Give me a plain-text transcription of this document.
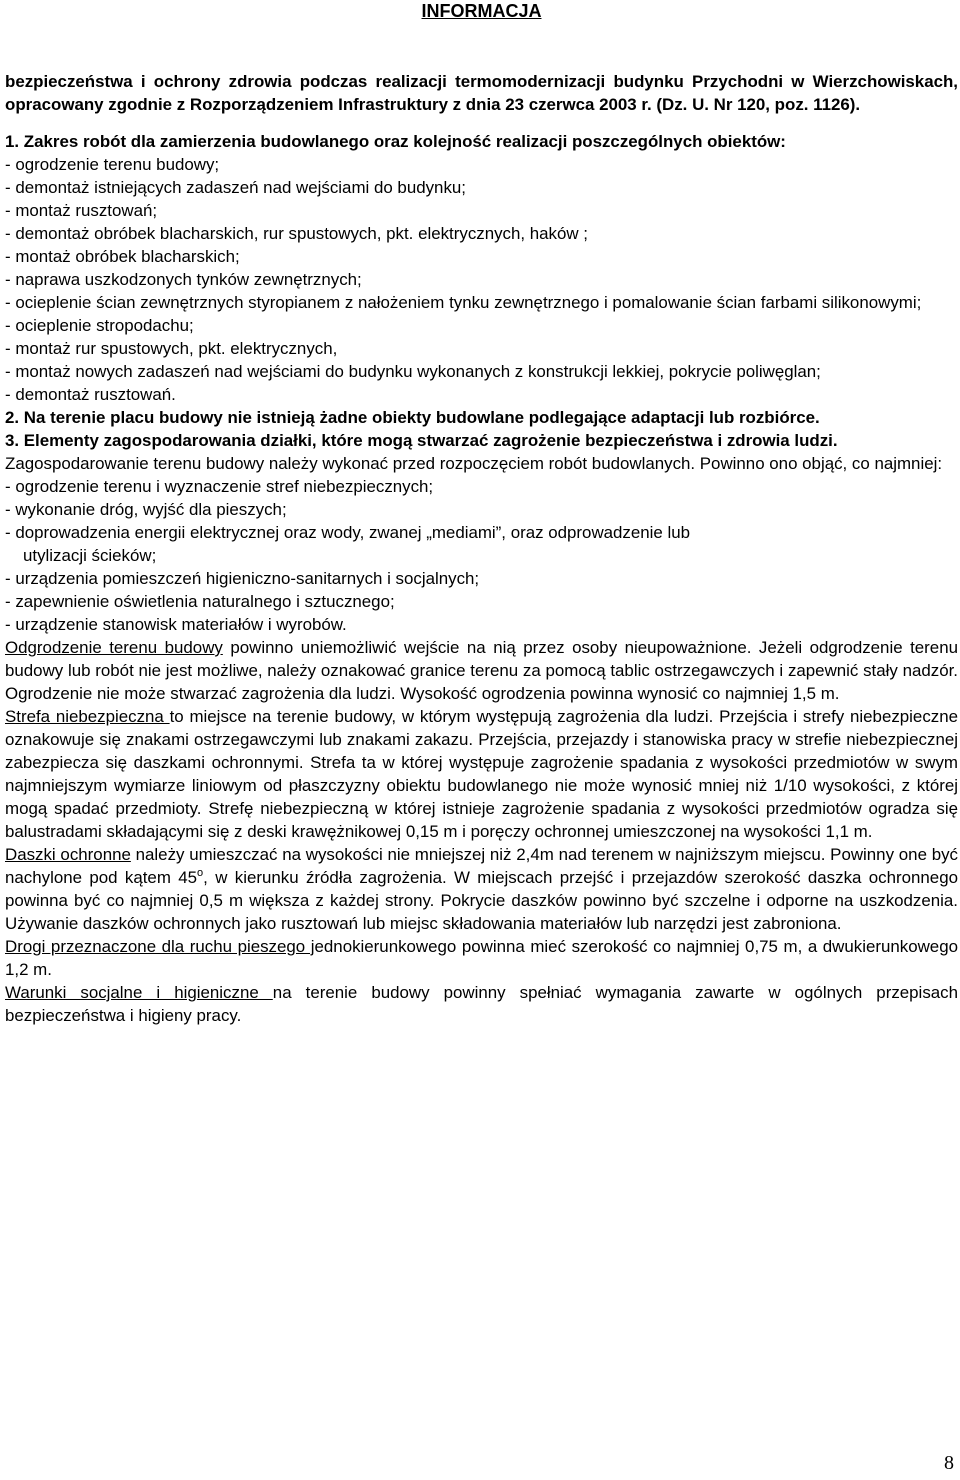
INFORMACJA

bezpieczeństwa i ochrony zdrowia podczas realizacji termomodernizacji budynku Przychodni w Wierzchowiskach, opracowany zgodnie z Rozporządzeniem Infrastruktury z dnia 23 czerwca 2003 r. (Dz. U. Nr 120, poz. 1126).

1. Zakres robót dla zamierzenia budowlanego oraz kolejność realizacji poszczególnych obiektów:

- ogrodzenie terenu budowy;

- demontaż istniejących zadaszeń nad wejściami do budynku;

- montaż rusztowań;

- demontaż obróbek blacharskich, rur spustowych, pkt. elektrycznych, haków ;

- montaż obróbek blacharskich;

- naprawa uszkodzonych tynków zewnętrznych;

- ocieplenie ścian zewnętrznych styropianem z nałożeniem tynku zewnętrznego i pomalowanie ścian farbami silikonowymi;

- ocieplenie stropodachu;

- montaż rur spustowych, pkt. elektrycznych,

- montaż nowych zadaszeń nad wejściami do budynku wykonanych z konstrukcji lekkiej, pokrycie poliwęglan;

- demontaż rusztowań.

2. Na terenie placu budowy nie istnieją żadne obiekty budowlane podlegające adaptacji lub rozbiórce.

3. Elementy zagospodarowania działki, które mogą stwarzać zagrożenie bezpieczeństwa i zdrowia ludzi.

Zagospodarowanie terenu budowy należy wykonać przed rozpoczęciem robót budowlanych. Powinno ono objąć, co najmniej:

- ogrodzenie terenu i wyznaczenie stref niebezpiecznych;

- wykonanie dróg, wyjść dla pieszych;

- doprowadzenia energii elektrycznej oraz wody, zwanej „mediami”, oraz odprowadzenie lub utylizacji ścieków;

- urządzenia pomieszczeń higieniczno-sanitarnych i socjalnych;

- zapewnienie oświetlenia naturalnego i sztucznego;

- urządzenie stanowisk materiałów i wyrobów.

Odgrodzenie terenu budowy powinno uniemożliwić wejście na nią przez osoby nieupoważnione. Jeżeli odgrodzenie terenu budowy lub robót nie jest możliwe, należy oznakować granice terenu za pomocą tablic ostrzegawczych i zapewnić stały nadzór. Ogrodzenie nie może stwarzać zagrożenia dla ludzi. Wysokość ogrodzenia powinna wynosić co najmniej 1,5 m.

Strefa niebezpieczna to miejsce na terenie budowy, w którym występują zagrożenia dla ludzi. Przejścia i strefy niebezpieczne oznakowuje się znakami ostrzegawczymi lub znakami zakazu. Przejścia, przejazdy i stanowiska pracy w strefie niebezpiecznej zabezpiecza się daszkami ochronnymi. Strefa ta w której występuje zagrożenie spadania z wysokości przedmiotów w swym najmniejszym wymiarze liniowym od płaszczyzny obiektu budowlanego nie może wynosić mniej niż 1/10 wysokości, z której mogą spadać przedmioty. Strefę niebezpieczną w której istnieje zagrożenie spadania z wysokości przedmiotów ogradza się balustradami składającymi się z deski krawężnikowej 0,15 m i poręczy ochronnej umieszczonej na wysokości 1,1 m.

Daszki ochronne należy umieszczać na wysokości nie mniejszej niż 2,4m nad terenem w najniższym miejscu. Powinny one być nachylone pod kątem 45$^o$, w kierunku źródła zagrożenia. W miejscach przejść i przejazdów szerokość daszka ochronnego powinna być co najmniej 0,5 m większa z każdej strony. Pokrycie daszków powinno być szczelne i odporne na uszkodzenia. Używanie daszków ochronnych jako rusztowań lub miejsc składowania materiałów lub narzędzi jest zabroniona.

Drogi przeznaczone dla ruchu pieszego jednokierunkowego powinna mieć szerokość co najmniej 0,75 m, a dwukierunkowego 1,2 m.

Warunki socjalne i higieniczne na terenie budowy powinny spełniać wymagania zawarte w ogólnych przepisach bezpieczeństwa i higieny pracy.

8
